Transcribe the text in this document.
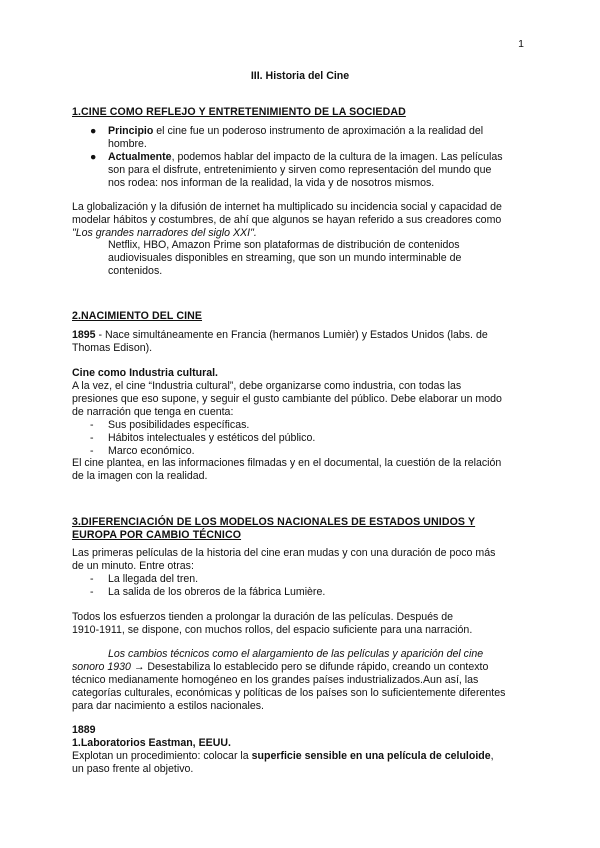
1
III. Historia del Cine
1.CINE COMO REFLEJO Y ENTRETENIMIENTO DE LA SOCIEDAD
● Principio el cine fue un poderoso instrumento de aproximación a la realidad del
hombre.
● Actualmente, podemos hablar del impacto de la cultura de la imagen. Las películas
son para el disfrute, entretenimiento y sirven como representación del mundo que
nos rodea: nos informan de la realidad, la vida y de nosotros mismos.
La globalización y la difusión de internet ha multiplicado su incidencia social y capacidad de
modelar hábitos y costumbres, de ahí que algunos se hayan referido a sus creadores como
"Los grandes narradores del siglo XXI".
Netflix, HBO, Amazon Prime son plataformas de distribución de contenidos
audiovisuales disponibles en streaming, que son un mundo interminable de
contenidos.
2.NACIMIENTO DEL CINE
1895 - Nace simultáneamente en Francia (hermanos Lumièr) y Estados Unidos (labs. de
Thomas Edison).
Cine como Industria cultural.
A la vez, el cine “Industria cultural”, debe organizarse como industria, con todas las
presiones que eso supone, y seguir el gusto cambiante del público. Debe elaborar un modo
de narración que tenga en cuenta:
- Sus posibilidades específicas.
- Hábitos intelectuales y estéticos del público.
- Marco económico.
El cine plantea, en las informaciones filmadas y en el documental, la cuestión de la relación
de la imagen con la realidad.
3.DIFERENCIACIÓN DE LOS MODELOS NACIONALES DE ESTADOS UNIDOS Y
EUROPA POR CAMBIO TÉCNICO
Las primeras películas de la historia del cine eran mudas y con una duración de poco más
de un minuto. Entre otras:
- La llegada del tren.
- La salida de los obreros de la fábrica Lumière.
Todos los esfuerzos tienden a prolongar la duración de las películas. Después de
1910-1911, se dispone, con muchos rollos, del espacio suficiente para una narración.
Los cambios técnicos como el alargamiento de las películas y aparición del cine
sonoro 1930 → Desestabiliza lo establecido pero se difunde rápido, creando un contexto
técnico medianamente homogéneo en los grandes países industrializados.Aun así, las
categorías culturales, económicas y políticas de los países son lo suficientemente diferentes
para dar nacimiento a estilos nacionales.
1889
1.Laboratorios Eastman, EEUU.
Explotan un procedimiento: colocar la superficie sensible en una película de celuloide,
un paso frente al objetivo.
